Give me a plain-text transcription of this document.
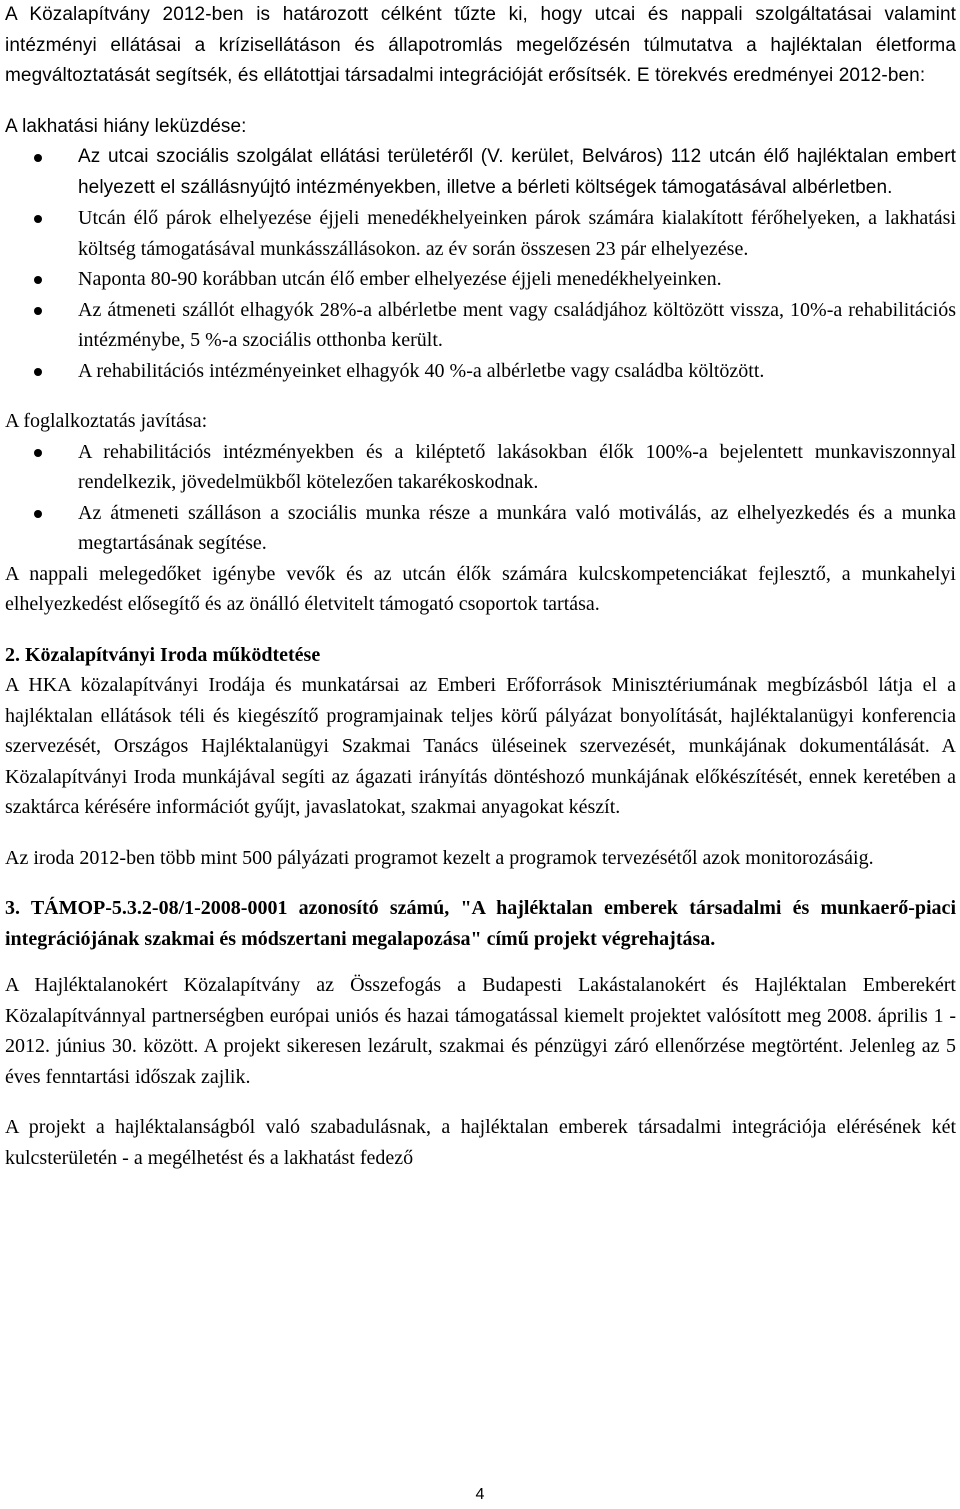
A Közalapítvány 2012-ben is határozott célként tűzte ki, hogy utcai és nappali szolgáltatásai valamint intézményi ellátásai a krízisellátáson és állapotromlás megelőzésén túlmutatva a hajléktalan életforma megváltoztatását segítsék, és ellátottjai társadalmi integrációját erősítsék. E törekvés eredményei 2012-ben:

A lakhatási hiány leküzdése:

Az utcai szociális szolgálat ellátási területéről (V. kerület, Belváros) 112 utcán élő hajléktalan embert helyezett el szállásnyújtó intézményekben, illetve a bérleti költségek támogatásával albérletben.
Utcán élő párok elhelyezése éjjeli menedékhelyeinken párok számára kialakított férőhelyeken, a lakhatási költség támogatásával munkásszállásokon. az év során összesen 23 pár elhelyezése.
Naponta 80-90 korábban utcán élő ember elhelyezése éjjeli menedékhelyeinken.
Az átmeneti szállót elhagyók 28%-a albérletbe ment vagy családjához költözött vissza, 10%-a rehabilitációs intézménybe, 5 %-a szociális otthonba került.
A rehabilitációs intézményeinket elhagyók 40 %-a albérletbe vagy családba költözött.

A foglalkoztatás javítása:

A rehabilitációs intézményekben és a kiléptető lakásokban élők 100%-a bejelentett munkaviszonnyal rendelkezik, jövedelmükből kötelezően takarékoskodnak.
Az átmeneti szálláson a szociális munka része a munkára való motiválás, az elhelyezkedés és a munka megtartásának segítése.

A nappali melegedőket igénybe vevők és az utcán élők számára kulcskompetenciákat fejlesztő, a munkahelyi elhelyezkedést elősegítő és az önálló életvitelt támogató csoportok tartása.

2. Közalapítványi Iroda működtetése

A HKA közalapítványi Irodája és munkatársai az Emberi Erőforrások Minisztériumának megbízásból látja el a hajléktalan ellátások téli és kiegészítő programjainak teljes körű pályázat bonyolítását, hajléktalanügyi konferencia szervezését, Országos Hajléktalanügyi Szakmai Tanács üléseinek szervezését, munkájának dokumentálását. A Közalapítványi Iroda munkájával segíti az ágazati irányítás döntéshozó munkájának előkészítését, ennek keretében a szaktárca kérésére információt gyűjt, javaslatokat, szakmai anyagokat készít.

Az iroda 2012-ben több mint 500 pályázati programot kezelt a programok tervezésétől azok monitorozásáig.

3. TÁMOP-5.3.2-08/1-2008-0001 azonosító számú, "A hajléktalan emberek társadalmi és munkaerő-piaci integrációjának szakmai és módszertani megalapozása" című projekt végrehajtása.

A Hajléktalanokért Közalapítvány az Összefogás a Budapesti Lakástalanokért és Hajléktalan Emberekért Közalapítvánnyal partnerségben európai uniós és hazai támogatással kiemelt projektet valósított meg 2008. április 1 - 2012. június 30. között. A projekt sikeresen lezárult, szakmai és pénzügyi záró ellenőrzése megtörtént. Jelenleg az 5 éves fenntartási időszak zajlik.

A projekt a hajléktalanságból való szabadulásnak, a hajléktalan emberek társadalmi integrációja elérésének két kulcsterületén - a megélhetést és a lakhatást fedező

4
